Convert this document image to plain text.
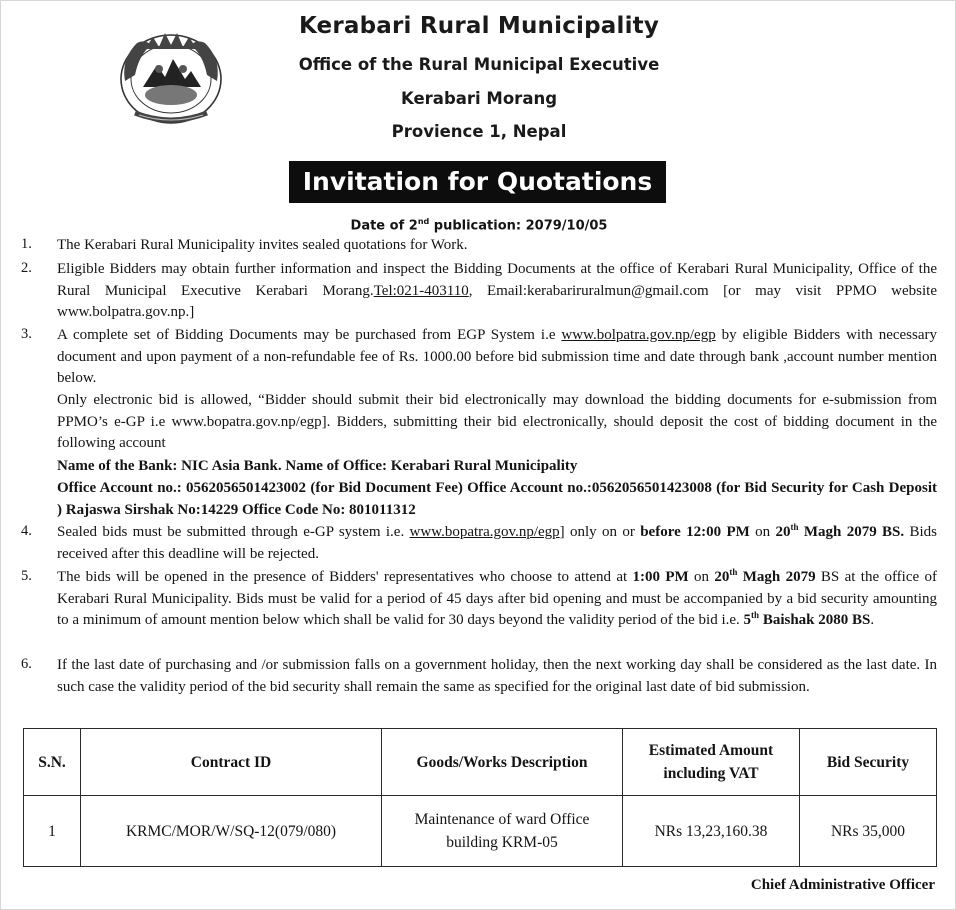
Kerabari Rural Municipality
Office of the Rural Municipal Executive
Kerabari Morang
Provience 1, Nepal
Invitation for Quotations
Date of 2nd publication: 2079/10/05
1. The Kerabari Rural Municipality invites sealed quotations for Work.
2. Eligible Bidders may obtain further information and inspect the Bidding Documents at the office of Kerabari Rural Municipality, Office of the Rural Municipal Executive Kerabari Morang.Tel:021-403110, Email:kerabariruralmun@gmail.com [or may visit PPMO website www.bolpatra.gov.np.]
3. A complete set of Bidding Documents may be purchased from EGP System i.e www.bolpatra.gov.np/egp by eligible Bidders with necessary document and upon payment of a non-refundable fee of Rs. 1000.00 before bid submission time and date through bank ,account number mention below.
Only electronic bid is allowed, “Bidder should submit their bid electronically may download the bidding documents for e-submission from PPMO’s e-GP i.e www.bopatra.gov.np/egp]. Bidders, submitting their bid electronically, should deposit the cost of bidding document in the following account
Name of the Bank: NIC Asia Bank. Name of Office: Kerabari Rural Municipality
Office Account no.: 0562056501423002 (for Bid Document Fee) Office Account no.:0562056501423008 (for Bid Security for Cash Deposit ) Rajaswa Sirshak No:14229 Office Code No: 801011312
4. Sealed bids must be submitted through e-GP system i.e. www.bopatra.gov.np/egp] only on or before 12:00 PM on 20th Magh 2079 BS. Bids received after this deadline will be rejected.
5. The bids will be opened in the presence of Bidders' representatives who choose to attend at 1:00 PM on 20th Magh 2079 BS at the office of Kerabari Rural Municipality. Bids must be valid for a period of 45 days after bid opening and must be accompanied by a bid security amounting to a minimum of amount mention below which shall be valid for 30 days beyond the validity period of the bid i.e. 5th Baishak 2080 BS.
6. If the last date of purchasing and /or submission falls on a government holiday, then the next working day shall be considered as the last date. In such case the validity period of the bid security shall remain the same as specified for the original last date of bid submission.
S.N.	Contract ID	Goods/Works Description	Estimated Amount including VAT	Bid Security
1	KRMC/MOR/W/SQ-12(079/080)	Maintenance of ward Office building KRM-05	NRs 13,23,160.38	NRs 35,000
Chief Administrative Officer
